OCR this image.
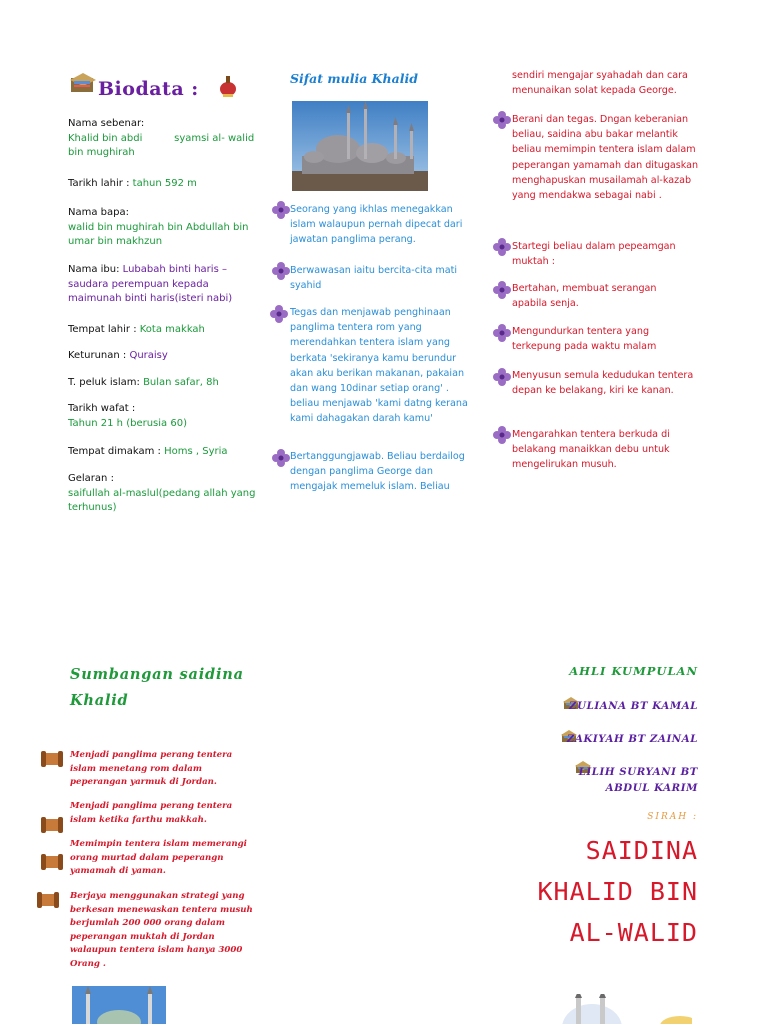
Biodata :
Nama sebenar:
Khalid bin abdi          syamsi al- walid bin mughirah
Tarikh lahir : tahun 592 m
Nama bapa:
walid bin mughirah bin Abdullah bin umar bin makhzun
Nama ibu: Lubabah binti haris – saudara perempuan kepada maimunah binti haris(isteri nabi)
Tempat lahir : Kota makkah
Keturunan : Quraisy
T. peluk islam: Bulan safar, 8h
Tarikh wafat :
Tahun 21 h (berusia 60)
Tempat dimakam : Homs , Syria
Gelaran :
saifullah al-maslul(pedang allah yang terhunus)
Sifat mulia Khalid
Seorang yang ikhlas menegakkan islam walaupun pernah dipecat dari jawatan panglima perang.
Berwawasan iaitu bercita-cita mati syahid
Tegas dan menjawab penghinaan panglima tentera rom yang merendahkan tentera islam yang berkata 'sekiranya kamu berundur akan aku berikan makanan, pakaian dan wang 10dinar setiap orang' . beliau menjawab 'kami datng kerana kami dahagakan darah kamu'
Bertanggungjawab. Beliau berdailog dengan panglima George dan mengajak memeluk islam. Beliau
sendiri mengajar syahadah dan cara menunaikan solat kepada George.
Berani dan tegas. Dngan keberanian beliau, saidina abu bakar melantik beliau memimpin tentera islam dalam peperangan yamamah dan ditugaskan menghapuskan musailamah al-kazab yang mendakwa sebagai nabi .
Startegi beliau dalam pepeamgan muktah :
Bertahan, membuat serangan apabila senja.
Mengundurkan tentera yang terkepung pada waktu malam
Menyusun semula kedudukan tentera depan ke belakang, kiri ke kanan.
Mengarahkan tentera berkuda di belakang manaikkan debu untuk mengelirukan musuh.
Sumbangan saidina Khalid
Menjadi panglima perang tentera islam menetang rom dalam peperangan yarmuk di Jordan.
Menjadi panglima perang tentera islam ketika farthu makkah.
Memimpin tentera islam memerangi orang murtad dalam peperangn yamamah di yaman.
Berjaya menggunakan strategi yang berkesan menewaskan tentera musuh berjumlah 200 000 orang dalam peperangan muktah di Jordan walaupun tentera islam hanya 3000 Orang .
AHLI KUMPULAN
ZULIANA BT KAMAL
ZAKIYAH BT ZAINAL
LILIH SURYANI BT
ABDUL KARIM
SIRAH :
SAIDINA
KHALID BIN
AL-WALID
